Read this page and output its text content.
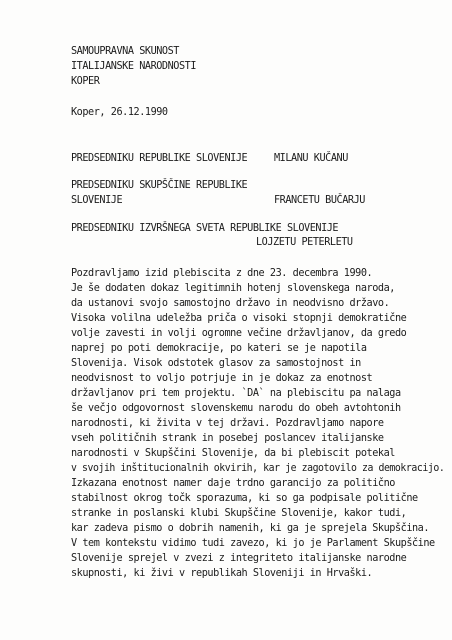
SAMOUPRAVNA SKUNOST
ITALIJANSKE NARODNOSTI
KOPER
Koper, 26.12.1990
PREDSEDNIKU REPUBLIKE SLOVENIJE	MILANU KUČANU
PREDSEDNIKU SKUPŠČINE REPUBLIKE
SLOVENIJE	FRANCETU BUČARJU
PREDSEDNIKU IZVRŠNEGA SVETA REPUBLIKE SLOVENIJE
LOJZETU PETERLETU
Pozdravljamo izid plebiscita z dne 23. decembra 1990.
Je še dodaten dokaz legitimnih hotenj slovenskega naroda,
da ustanovi svojo samostojno državo in neodvisno državo.
Visoka volilna udeležba priča o visoki stopnji demokratične
volje zavesti in volji ogromne večine državljanov, da gredo
naprej po poti demokracije, po kateri se je napotila
Slovenija. Visok odstotek glasov za samostojnost in
neodvisnost to voljo potrjuje in je dokaz za enotnost
državljanov pri tem projektu. `DA` na plebiscitu pa nalaga
še večjo odgovornost slovenskemu narodu do obeh avtohtonih
narodnosti, ki živita v tej državi. Pozdravljamo napore
vseh političnih strank in posebej poslancev italijanske
narodnosti v Skupščini Slovenije, da bi plebiscit potekal
v svojih inštitucionalnih okvirih, kar je zagotovilo za demokracijo.
Izkazana enotnost namer daje trdno garancijo za politično
stabilnost okrog točk sporazuma, ki so ga podpisale politične
stranke in poslanski klubi Skupščine Slovenije, kakor tudi,
kar zadeva pismo o dobrih namenih, ki ga je sprejela Skupščina.
V tem kontekstu vidimo tudi zavezo, ki jo je Parlament Skupščine
Slovenije sprejel v zvezi z integriteto italijanske narodne
skupnosti, ki živi v republikah Sloveniji in Hrvaški.
